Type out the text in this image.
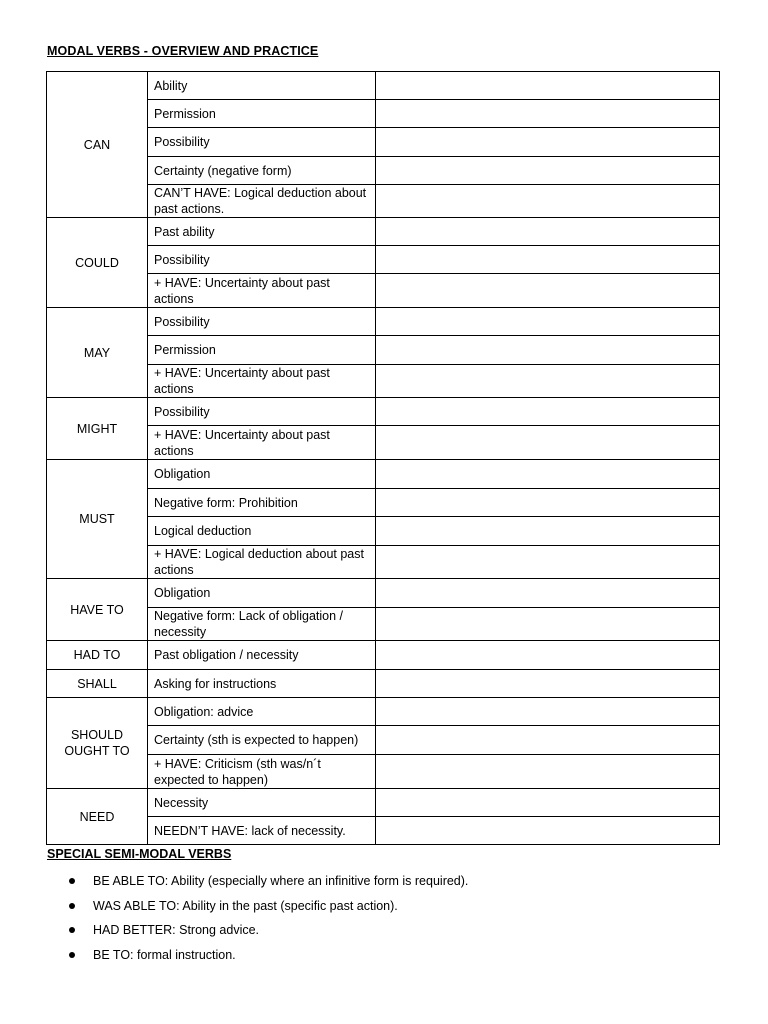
MODAL VERBS - OVERVIEW AND PRACTICE
CAN	Ability	
	Permission	
	Possibility	
	Certainty (negative form)	
	CAN’T HAVE: Logical deduction about past actions.	

COULD	Past ability	
	Possibility	
	+ HAVE: Uncertainty about past actions	

MAY	Possibility	
	Permission	
	+ HAVE: Uncertainty about past actions	

MIGHT	Possibility	
	+ HAVE: Uncertainty about past actions	

MUST	Obligation	
	Negative form: Prohibition	
	Logical deduction	
	+ HAVE: Logical deduction about past actions	

HAVE TO	Obligation	
	Negative form: Lack of obligation / necessity	

HAD TO	Past obligation / necessity	

SHALL	Asking for instructions	

SHOULD
OUGHT TO	Obligation: advice	
	Certainty (sth is expected to happen)	
	+ HAVE: Criticism (sth was/n´t expected to happen)	

NEED	Necessity	
	NEEDN’T HAVE: lack of necessity.	
SPECIAL SEMI-MODAL VERBS
BE ABLE TO: Ability (especially where an infinitive form is required).
WAS ABLE TO: Ability in the past (specific past action).
HAD BETTER: Strong advice.
BE TO: formal instruction.
